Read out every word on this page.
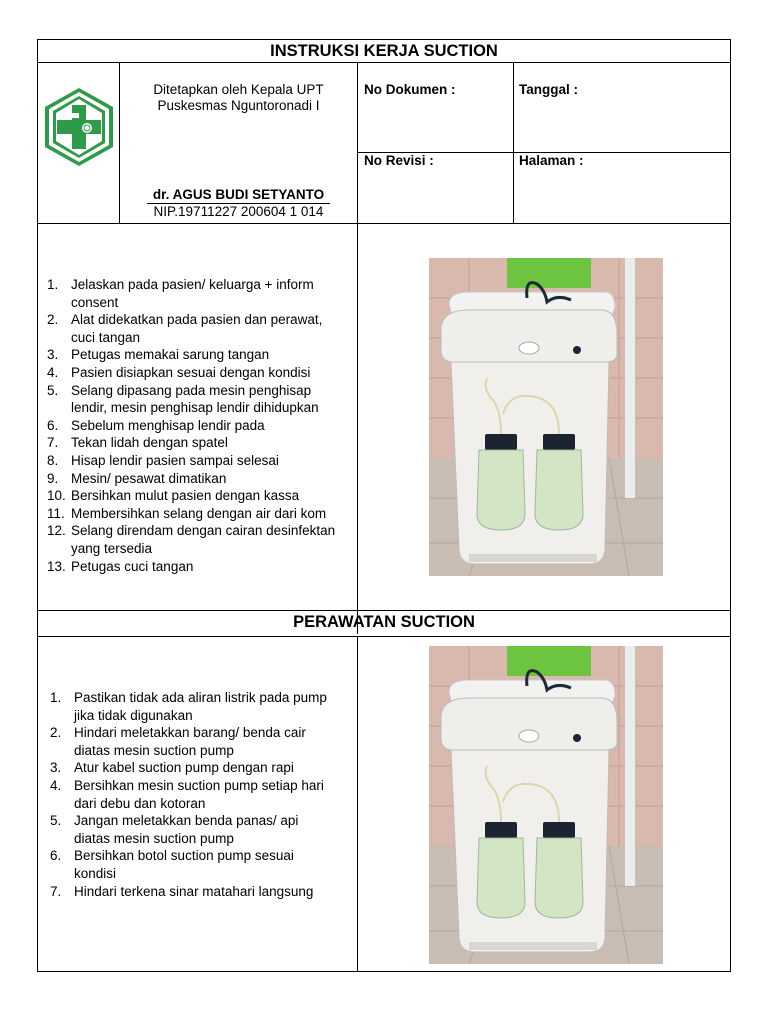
INSTRUKSI KERJA SUCTION
Ditetapkan oleh Kepala UPT
Puskesmas Nguntoronadi I
dr. AGUS BUDI SETYANTO
NIP.19711227 200604 1 014
No Dokumen :	Tanggal :
No Revisi :	Halaman :
1. Jelaskan pada pasien/ keluarga + inform
consent
2. Alat didekatkan pada pasien dan perawat,
cuci tangan
3. Petugas memakai sarung tangan
4. Pasien disiapkan sesuai dengan kondisi
5. Selang dipasang pada mesin penghisap
lendir, mesin penghisap lendir dihidupkan
6. Sebelum menghisap lendir pada
7. Tekan lidah dengan spatel
8. Hisap lendir pasien sampai selesai
9. Mesin/ pesawat dimatikan
10. Bersihkan mulut pasien dengan kassa
11. Membersihkan selang dengan air dari kom
12. Selang direndam dengan cairan desinfektan
yang tersedia
13. Petugas cuci tangan
PERAWATAN SUCTION
1. Pastikan tidak ada aliran listrik pada pump
jika tidak digunakan
2. Hindari meletakkan barang/ benda cair
diatas mesin suction pump
3. Atur kabel suction pump dengan rapi
4. Bersihkan mesin suction pump setiap hari
dari debu dan kotoran
5. Jangan meletakkan benda panas/ api
diatas mesin suction pump
6. Bersihkan botol suction pump sesuai
kondisi
7. Hindari terkena sinar matahari langsung
